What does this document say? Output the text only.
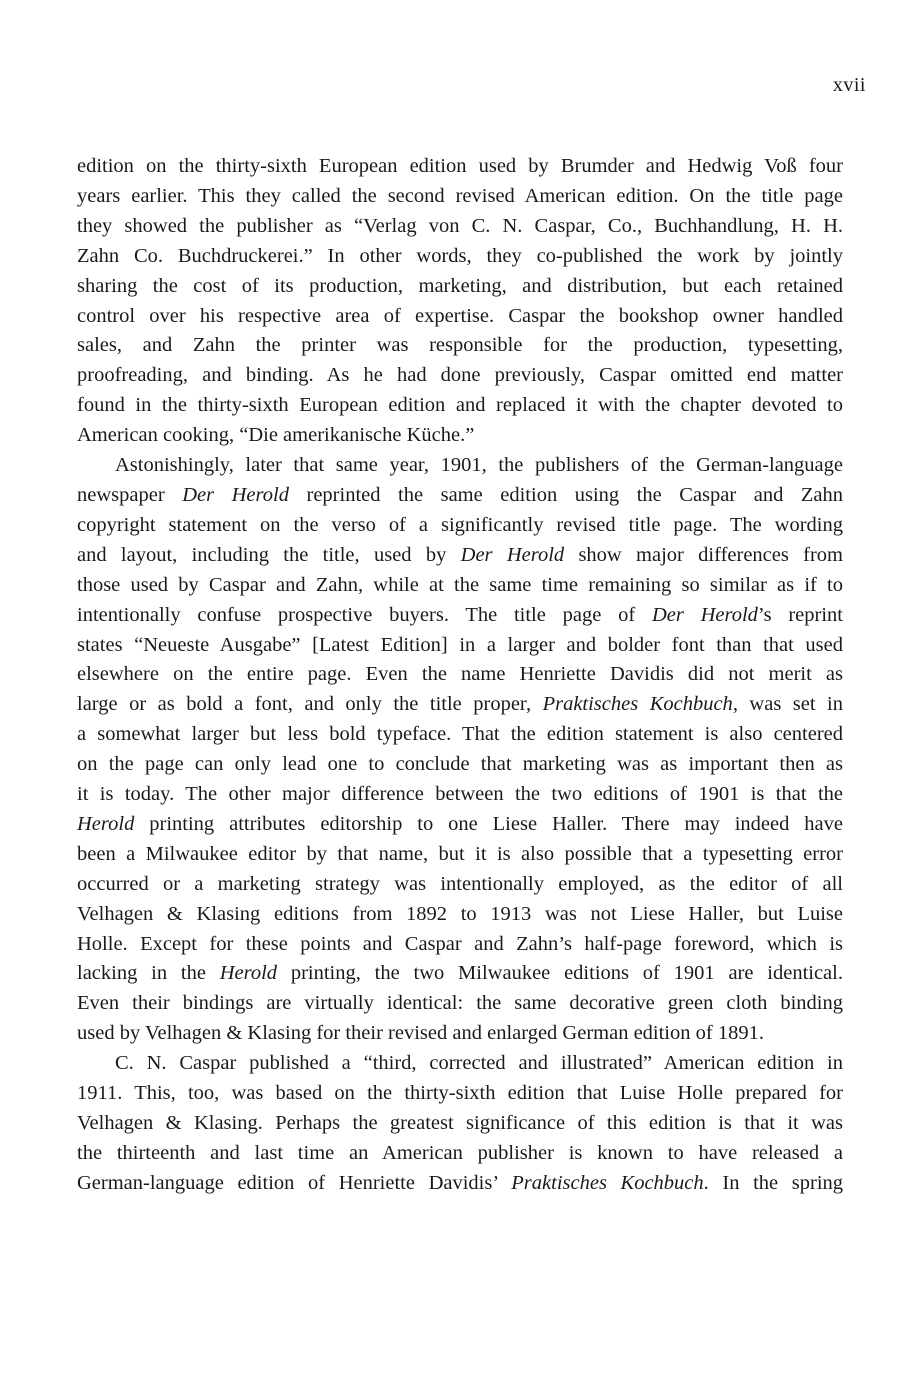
xvii
edition on the thirty-sixth European edition used by Brumder and Hedwig Voß four
years earlier. This they called the second revised American edition. On the title page
they showed the publisher as “Verlag von C. N. Caspar, Co., Buchhandlung, H. H.
Zahn Co. Buchdruckerei.” In other words, they co-published the work by jointly
sharing the cost of its production, marketing, and distribution, but each retained
control over his respective area of expertise. Caspar the bookshop owner handled
sales, and Zahn the printer was responsible for the production, typesetting,
proofreading, and binding. As he had done previously, Caspar omitted end matter
found in the thirty-sixth European edition and replaced it with the chapter devoted to
American cooking, “Die amerikanische Küche.”
Astonishingly, later that same year, 1901, the publishers of the German-language
newspaper Der Herold reprinted the same edition using the Caspar and Zahn
copyright statement on the verso of a significantly revised title page. The wording
and layout, including the title, used by Der Herold show major differences from
those used by Caspar and Zahn, while at the same time remaining so similar as if to
intentionally confuse prospective buyers. The title page of Der Herold’s reprint
states “Neueste Ausgabe” [Latest Edition] in a larger and bolder font than that used
elsewhere on the entire page. Even the name Henriette Davidis did not merit as
large or as bold a font, and only the title proper, Praktisches Kochbuch, was set in
a somewhat larger but less bold typeface. That the edition statement is also centered
on the page can only lead one to conclude that marketing was as important then as
it is today. The other major difference between the two editions of 1901 is that the
Herold printing attributes editorship to one Liese Haller. There may indeed have
been a Milwaukee editor by that name, but it is also possible that a typesetting error
occurred or a marketing strategy was intentionally employed, as the editor of all
Velhagen & Klasing editions from 1892 to 1913 was not Liese Haller, but Luise
Holle. Except for these points and Caspar and Zahn’s half-page foreword, which is
lacking in the Herold printing, the two Milwaukee editions of 1901 are identical.
Even their bindings are virtually identical: the same decorative green cloth binding
used by Velhagen & Klasing for their revised and enlarged German edition of 1891.
C. N. Caspar published a “third, corrected and illustrated” American edition in
1911. This, too, was based on the thirty-sixth edition that Luise Holle prepared for
Velhagen & Klasing. Perhaps the greatest significance of this edition is that it was
the thirteenth and last time an American publisher is known to have released a
German-language edition of Henriette Davidis’ Praktisches Kochbuch. In the spring
